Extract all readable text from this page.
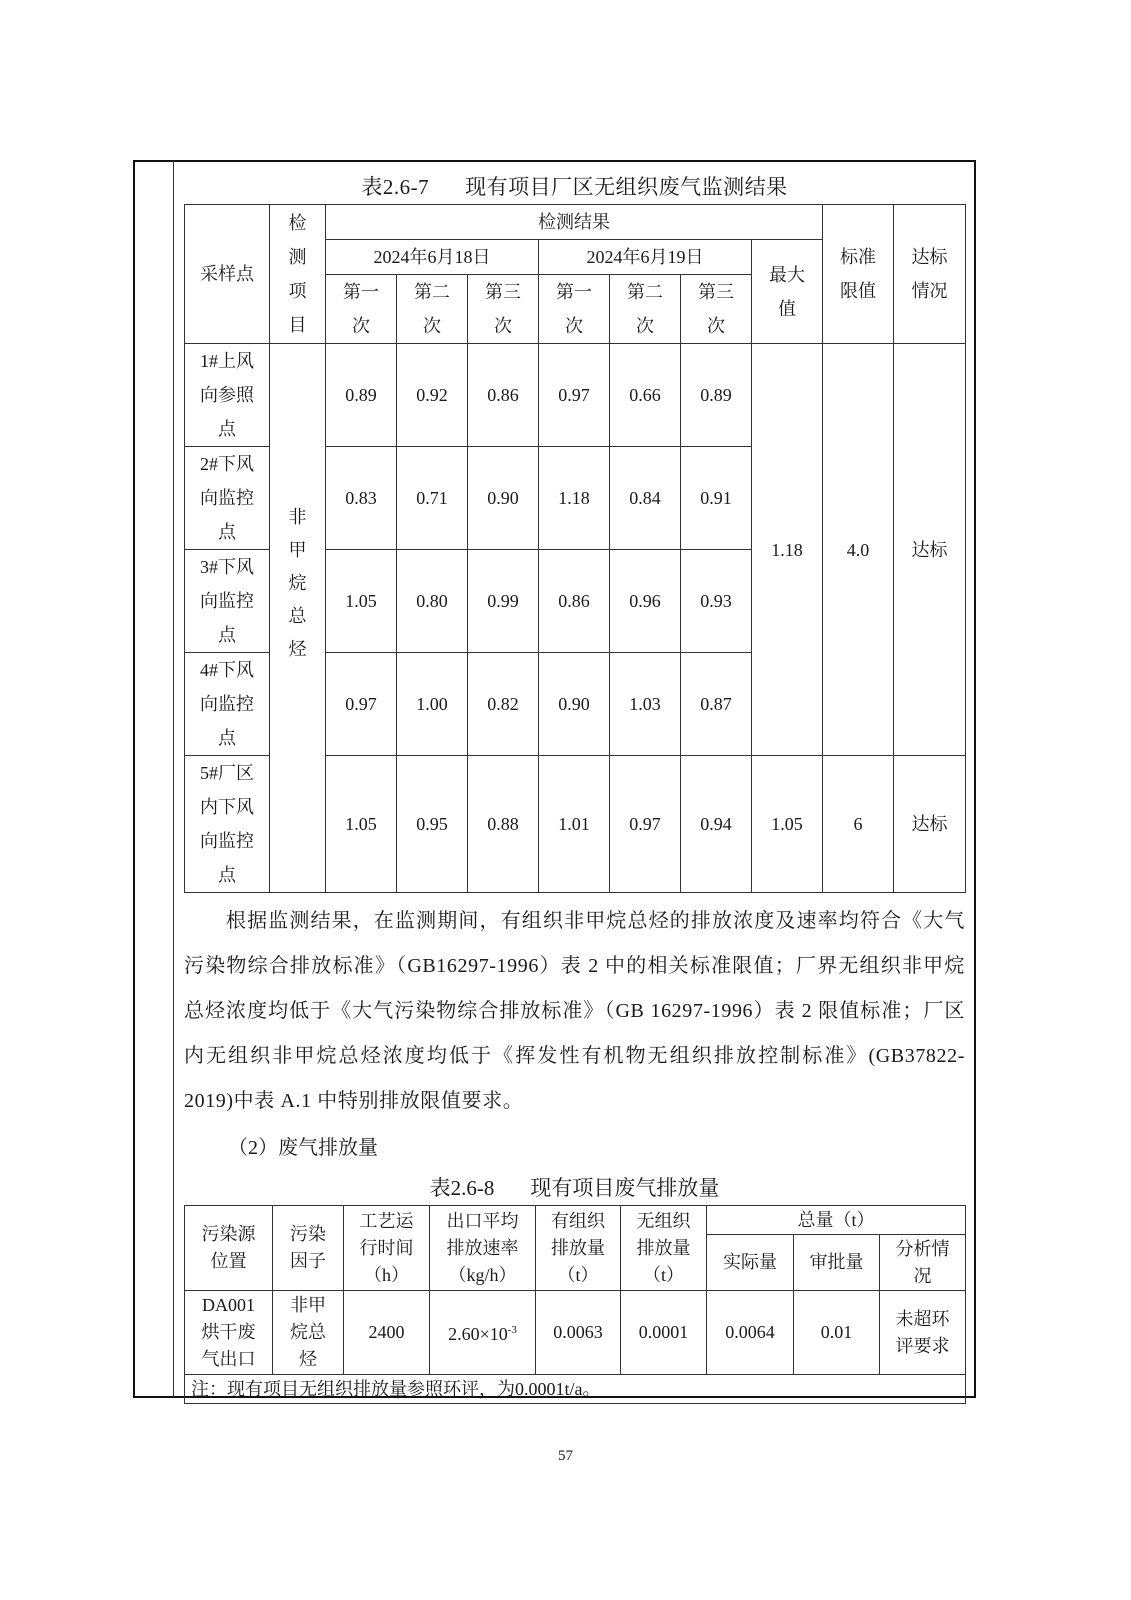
表2.6-7 现有项目厂区无组织废气监测结果
采样点	检测项目	检测结果							标准限值	达标情况

		2024年6月18日			2024年6月19日			最大值		

		第一次	第二次	第三次	第一次	第二次	第三次			

1#上风向参照点	非甲烷总烃	0.89	0.92	0.86	0.97	0.66	0.89	1.18	4.0	达标

2#下风向监控点		0.83	0.71	0.90	1.18	0.84	0.91			

3#下风向监控点		1.05	0.80	0.99	0.86	0.96	0.93			

4#下风向监控点		0.97	1.00	0.82	0.90	1.03	0.87			

5#厂区内下风向监控点		1.05	0.95	0.88	1.01	0.97	0.94	1.05	6	达标

根据监测结果，在监测期间，有组织非甲烷总烃的排放浓度及速率均符合《大气污染物综合排放标准》（GB16297-1996）表 2 中的相关标准限值；厂界无组织非甲烷总烃浓度均低于《大气污染物综合排放标准》（GB 16297-1996）表 2 限值标准；厂区内无组织非甲烷总烃浓度均低于《挥发性有机物无组织排放控制标准》(GB37822-2019)中表 A.1 中特别排放限值要求。

（2）废气排放量
表2.6-8 现有项目废气排放量
污染源位置	污染因子	工艺运行时间（h）	出口平均排放速率（kg/h）	有组织排放量（t）	无组织排放量（t）	总量（t）		
						实际量	审批量	分析情况

DA001烘干废气出口	非甲烷总烃	2400	$2.60\times 10^{-3}$	0.0063	0.0001	0.0064	0.01	未超环评要求

注：现有项目无组织排放量参照环评，为0.0001t/a。								
57
